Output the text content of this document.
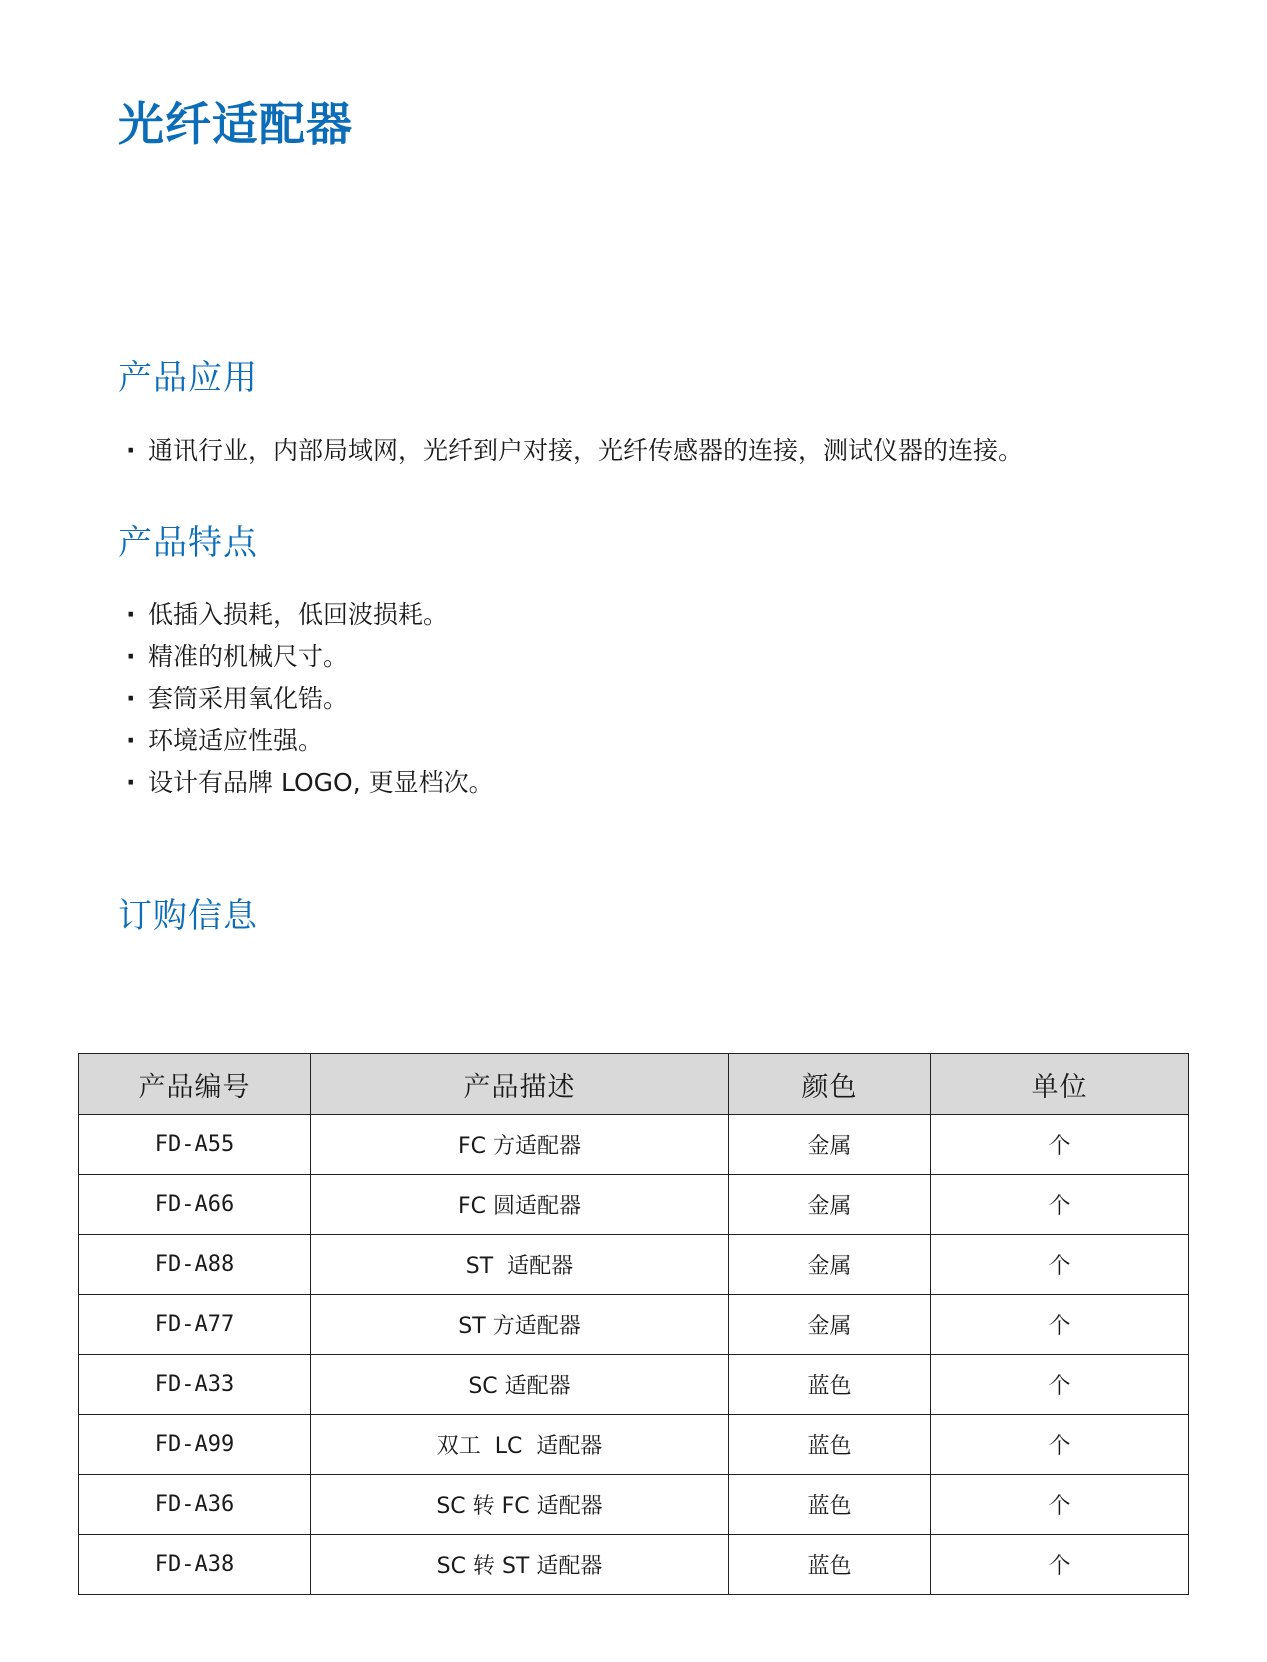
光纤适配器
产品应用
· 通讯行业，内部局域网，光纤到户对接，光纤传感器的连接，测试仪器的连接。
产品特点
· 低插入损耗，低回波损耗。
· 精准的机械尺寸。
· 套筒采用氧化锆。
· 环境适应性强。
· 设计有品牌 LOGO, 更显档次。
订购信息
产品编号	产品描述	颜色	单位
FD-A55	FC 方适配器	金属	个
FD-A66	FC 圆适配器	金属	个
FD-A88	ST  适配器	金属	个
FD-A77	ST 方适配器	金属	个
FD-A33	SC 适配器	蓝色	个
FD-A99	双工  LC  适配器	蓝色	个
FD-A36	SC 转 FC 适配器	蓝色	个
FD-A38	SC 转 ST 适配器	蓝色	个
